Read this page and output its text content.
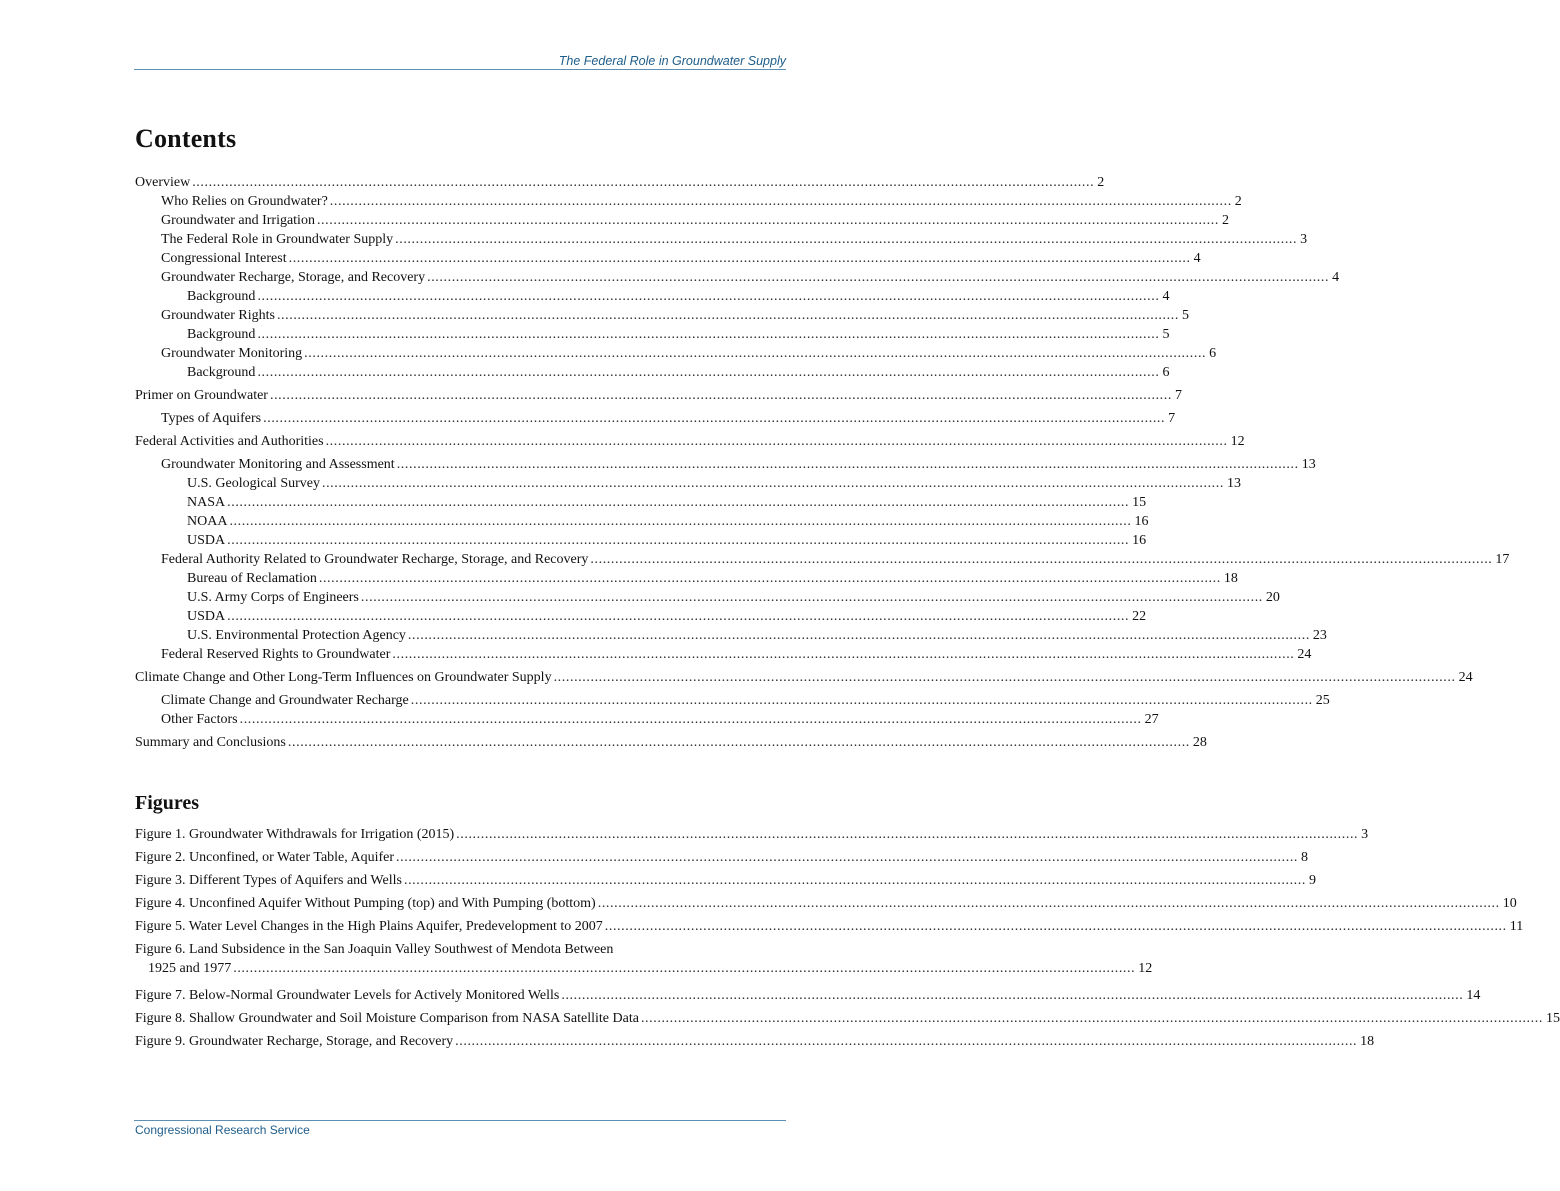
The Federal Role in Groundwater Supply
Contents
Overview ............................................................................................................................................................................................................................ 2
Who Relies on Groundwater? ............................................................................................................................................................................................................................ 2
Groundwater and Irrigation ............................................................................................................................................................................................................................ 2
The Federal Role in Groundwater Supply ............................................................................................................................................................................................................................ 3
Congressional Interest ............................................................................................................................................................................................................................ 4
Groundwater Recharge, Storage, and Recovery ............................................................................................................................................................................................................................ 4
Background ............................................................................................................................................................................................................................ 4
Groundwater Rights ............................................................................................................................................................................................................................ 5
Background ............................................................................................................................................................................................................................ 5
Groundwater Monitoring ............................................................................................................................................................................................................................ 6
Background ............................................................................................................................................................................................................................ 6
Primer on Groundwater ............................................................................................................................................................................................................................ 7
Types of Aquifers ............................................................................................................................................................................................................................ 7
Federal Activities and Authorities ............................................................................................................................................................................................................................ 12
Groundwater Monitoring and Assessment ............................................................................................................................................................................................................................ 13
U.S. Geological Survey ............................................................................................................................................................................................................................ 13
NASA ............................................................................................................................................................................................................................ 15
NOAA ............................................................................................................................................................................................................................ 16
USDA ............................................................................................................................................................................................................................ 16
Federal Authority Related to Groundwater Recharge, Storage, and Recovery ............................................................................................................................................................................................................................ 17
Bureau of Reclamation ............................................................................................................................................................................................................................ 18
U.S. Army Corps of Engineers ............................................................................................................................................................................................................................ 20
USDA ............................................................................................................................................................................................................................ 22
U.S. Environmental Protection Agency ............................................................................................................................................................................................................................ 23
Federal Reserved Rights to Groundwater ............................................................................................................................................................................................................................ 24
Climate Change and Other Long-Term Influences on Groundwater Supply ............................................................................................................................................................................................................................ 24
Climate Change and Groundwater Recharge ............................................................................................................................................................................................................................ 25
Other Factors ............................................................................................................................................................................................................................ 27
Summary and Conclusions ............................................................................................................................................................................................................................ 28
Figures
Figure 1. Groundwater Withdrawals for Irrigation (2015) ............................................................................................................................................................................................................................ 3
Figure 2. Unconfined, or Water Table, Aquifer ............................................................................................................................................................................................................................ 8
Figure 3. Different Types of Aquifers and Wells ............................................................................................................................................................................................................................ 9
Figure 4. Unconfined Aquifer Without Pumping (top) and With Pumping (bottom) ............................................................................................................................................................................................................................ 10
Figure 5. Water Level Changes in the High Plains Aquifer, Predevelopment to 2007 ............................................................................................................................................................................................................................ 11
Figure 6. Land Subsidence in the San Joaquin Valley Southwest of Mendota Between
1925 and 1977 ............................................................................................................................................................................................................................ 12
Figure 7. Below-Normal Groundwater Levels for Actively Monitored Wells ............................................................................................................................................................................................................................ 14
Figure 8. Shallow Groundwater and Soil Moisture Comparison from NASA Satellite Data ............................................................................................................................................................................................................................ 15
Figure 9. Groundwater Recharge, Storage, and Recovery ............................................................................................................................................................................................................................ 18
Congressional Research Service
